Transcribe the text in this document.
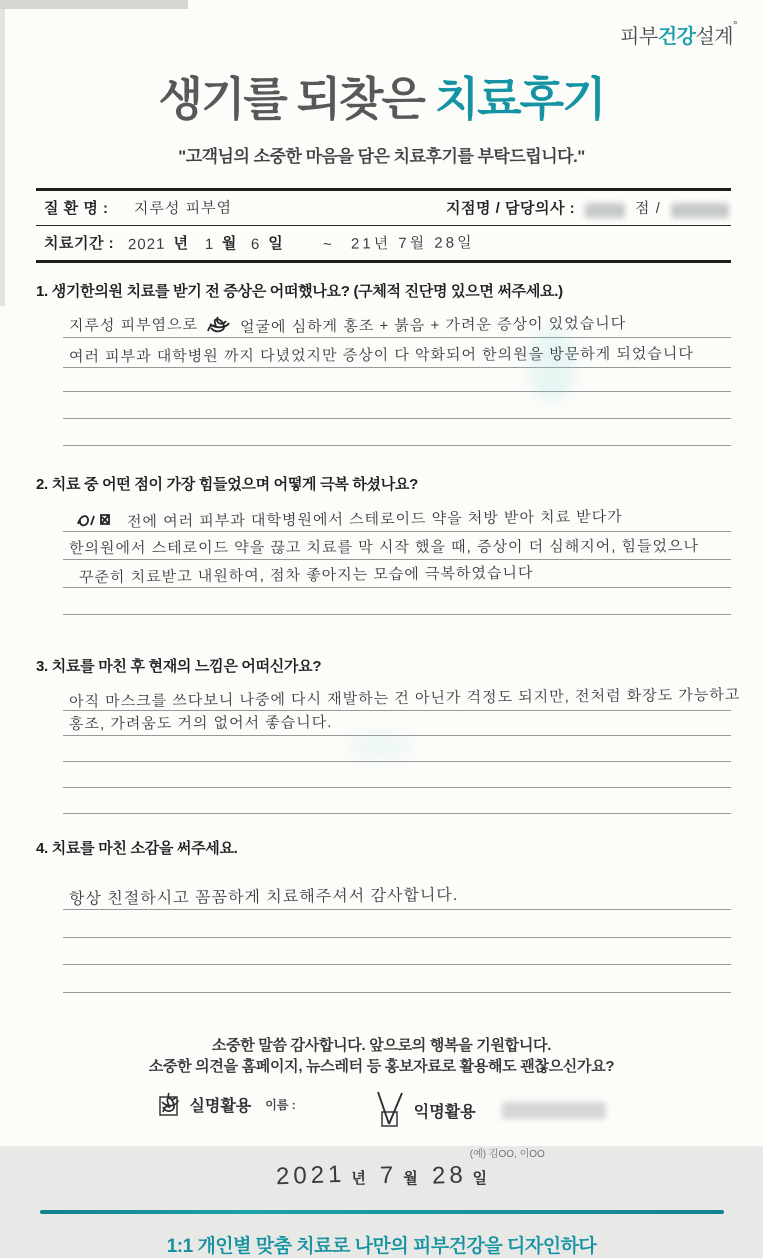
피부건강설계°
생기를 되찾은 치료후기
"고객님의 소중한 마음을 담은 치료후기를 부탁드립니다."
질 환 명 : 지루성 피부염	지점명 / 담당의사 :	점 /
치료기간 : 2021 년 1 월 6 일	~ 21년 7월 28일
1. 생기한의원 치료를 받기 전 증상은 어떠했나요? (구체적 진단명 있으면 써주세요.)
지루성 피부염으로	얼굴에 심하게 홍조 + 붉음 + 가려운 증상이 있었습니다
여러 피부과 대학병원 까지 다녔었지만 증상이 다 악화되어 한의원을 방문하게 되었습니다
2. 치료 중 어떤 점이 가장 힘들었으며 어떻게 극복 하셨나요?
전에 여러 피부과 대학병원에서 스테로이드 약을 처방 받아 치료 받다가
한의원에서 스테로이드 약을 끊고 치료를 막 시작 했을 때, 증상이 더 심해지어, 힘들었으나
꾸준히 치료받고 내원하여, 점차 좋아지는 모습에 극복하였습니다
3. 치료를 마친 후 현재의 느낌은 어떠신가요?
아직 마스크를 쓰다보니 나중에 다시 재발하는 건 아닌가 걱정도 되지만, 전처럼 화장도 가능하고
홍조, 가려움도 거의 없어서 좋습니다.
4. 치료를 마친 소감을 써주세요.
항상 친절하시고 꼼꼼하게 치료해주셔서 감사합니다.
소중한 말씀 감사합니다. 앞으로의 행복을 기원합니다.
소중한 의견을 홈페이지, 뉴스레터 등 홍보자료로 활용해도 괜찮으신가요?
실명활용 이름 :	익명활용
(예) 김OO, 이OO
2021 년 7 월 28 일
1:1 개인별 맞춤 치료로 나만의 피부건강을 디자인하다
